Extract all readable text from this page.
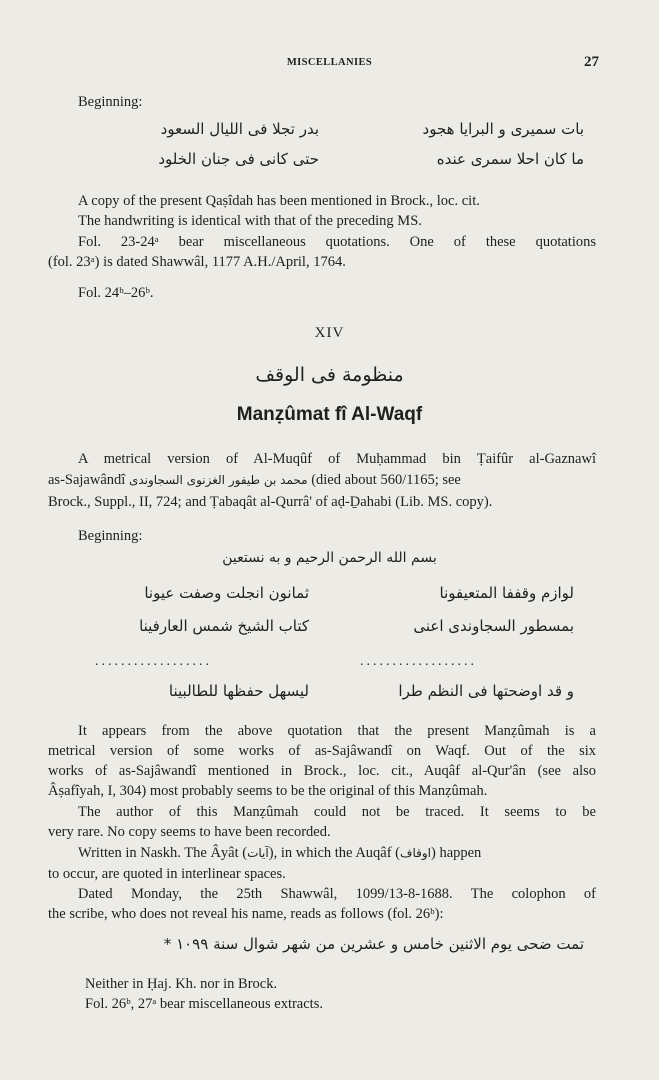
MISCELLANIES	27
Beginning:
بات سمیری و البرایا هجود
بدر تجلا فی اللیال السعود
ما کان احلا سمری عنده
حتی کانی فی جنان الخلود
A copy of the present Qaṣîdah has been mentioned in Brock., loc. cit.
The handwriting is identical with that of the preceding MS.
Fol. 23-24ᵃ bear miscellaneous quotations. One of these quotations
(fol. 23ᵃ) is dated Shawwâl, 1177 A.H./April, 1764.
Fol. 24ᵇ–26ᵇ.
XIV
منظومة فی الوقف
Manẓûmat fî Al-Waqf
A metrical version of Al-Muqûf of Muḥammad bin Ṭaifûr al-Gaznawî
as-Sajawândî محمد بن طیفور الغزنوی السجاوندی (died about 560/1165; see
Brock., Suppl., II, 724; and Ṭabaqât al-Qurrâ' of aḍ-Ḏahabi (Lib. MS. copy).
Beginning:
بسم الله الرحمن الرحیم و به نستعین
لوازم وقففا المتعیفونا
ثمانون انجلت وصفت عیونا
بمسطور السجاوندی اعنی
کتاب الشیخ شمس العارفینا
..................	..................
و قد اوضحتها فی النظم طرا
لیسهل حفظها للطالبینا
It appears from the above quotation that the present Manẓûmah is a
metrical version of some works of as-Sajâwandî on Waqf. Out of the six
works of as-Sajâwandî mentioned in Brock., loc. cit., Auqâf al-Qur'ân (see also
Âṣafîyah, I, 304) most probably seems to be the original of this Manẓûmah.
The author of this Manẓûmah could not be traced. It seems to be
very rare. No copy seems to have been recorded.
Written in Naskh. The Âyât (آیات), in which the Auqâf (اوقاف) happen
to occur, are quoted in interlinear spaces.
Dated Monday, the 25th Shawwâl, 1099/13-8-1688. The colophon of
the scribe, who does not reveal his name, reads as follows (fol. 26ᵇ):
تمت ضحی یوم الاثنین خامس و عشرین من شهر شوال سنة ۱۰۹۹ *
Neither in Ḥaj. Kh. nor in Brock.
Fol. 26ᵇ, 27ᵃ bear miscellaneous extracts.
